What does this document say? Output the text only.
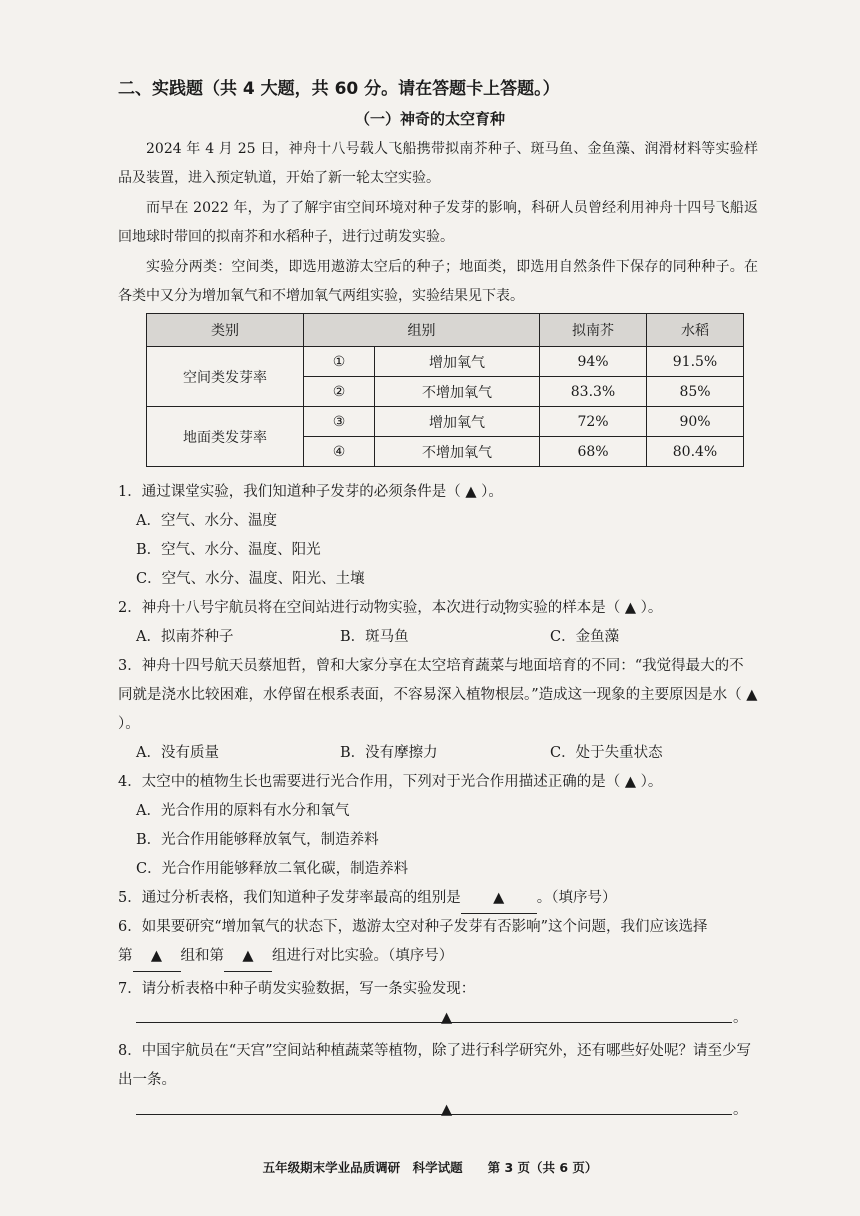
二、实践题（共 4 大题，共 60 分。请在答题卡上答题。）
（一）神奇的太空育种
2024 年 4 月 25 日，神舟十八号载人飞船携带拟南芥种子、斑马鱼、金鱼藻、润滑材料等实验样品及装置，进入预定轨道，开始了新一轮太空实验。
而早在 2022 年，为了了解宇宙空间环境对种子发芽的影响，科研人员曾经利用神舟十四号飞船返回地球时带回的拟南芥和水稻种子，进行过萌发实验。
实验分两类：空间类，即选用遨游太空后的种子；地面类，即选用自然条件下保存的同种种子。在各类中又分为增加氧气和不增加氧气两组实验，实验结果见下表。
类别	组别		拟南芥	水稻
空间类发芽率	①	增加氧气	94%	91.5%
	②	不增加氧气	83.3%	85%
地面类发芽率	③	增加氧气	72%	90%
	④	不增加氧气	68%	80.4%
1．通过课堂实验，我们知道种子发芽的必须条件是（ ▲ ）。
A．空气、水分、温度
B．空气、水分、温度、阳光
C．空气、水分、温度、阳光、土壤
2．神舟十八号宇航员将在空间站进行动物实验，本次进行动物实验的样本是（ ▲ ）。
A．拟南芥种子	B．斑马鱼	C．金鱼藻
3．神舟十四号航天员蔡旭哲，曾和大家分享在太空培育蔬菜与地面培育的不同：“我觉得最大的不同就是浇水比较困难，水停留在根系表面，不容易深入植物根层。”造成这一现象的主要原因是水（ ▲ ）。
A．没有质量	B．没有摩擦力	C．处于失重状态
4．太空中的植物生长也需要进行光合作用，下列对于光合作用描述正确的是（ ▲ ）。
A．光合作用的原料有水分和氧气
B．光合作用能够释放氧气，制造养料
C．光合作用能够释放二氧化碳，制造养料
5．通过分析表格，我们知道种子发芽率最高的组别是 ▲ 。（填序号）
6．如果要研究“增加氧气的状态下，遨游太空对种子发芽有否影响”这个问题，我们应该选择
第 ▲ 组和第 ▲ 组进行对比实验。（填序号）
7．请分析表格中种子萌发实验数据，写一条实验发现：
▲	。
8．中国宇航员在“天宫”空间站种植蔬菜等植物，除了进行科学研究外，还有哪些好处呢？请至少写出一条。
▲	。
五年级期末学业品质调研　科学试题　　第 3 页（共 6 页）
